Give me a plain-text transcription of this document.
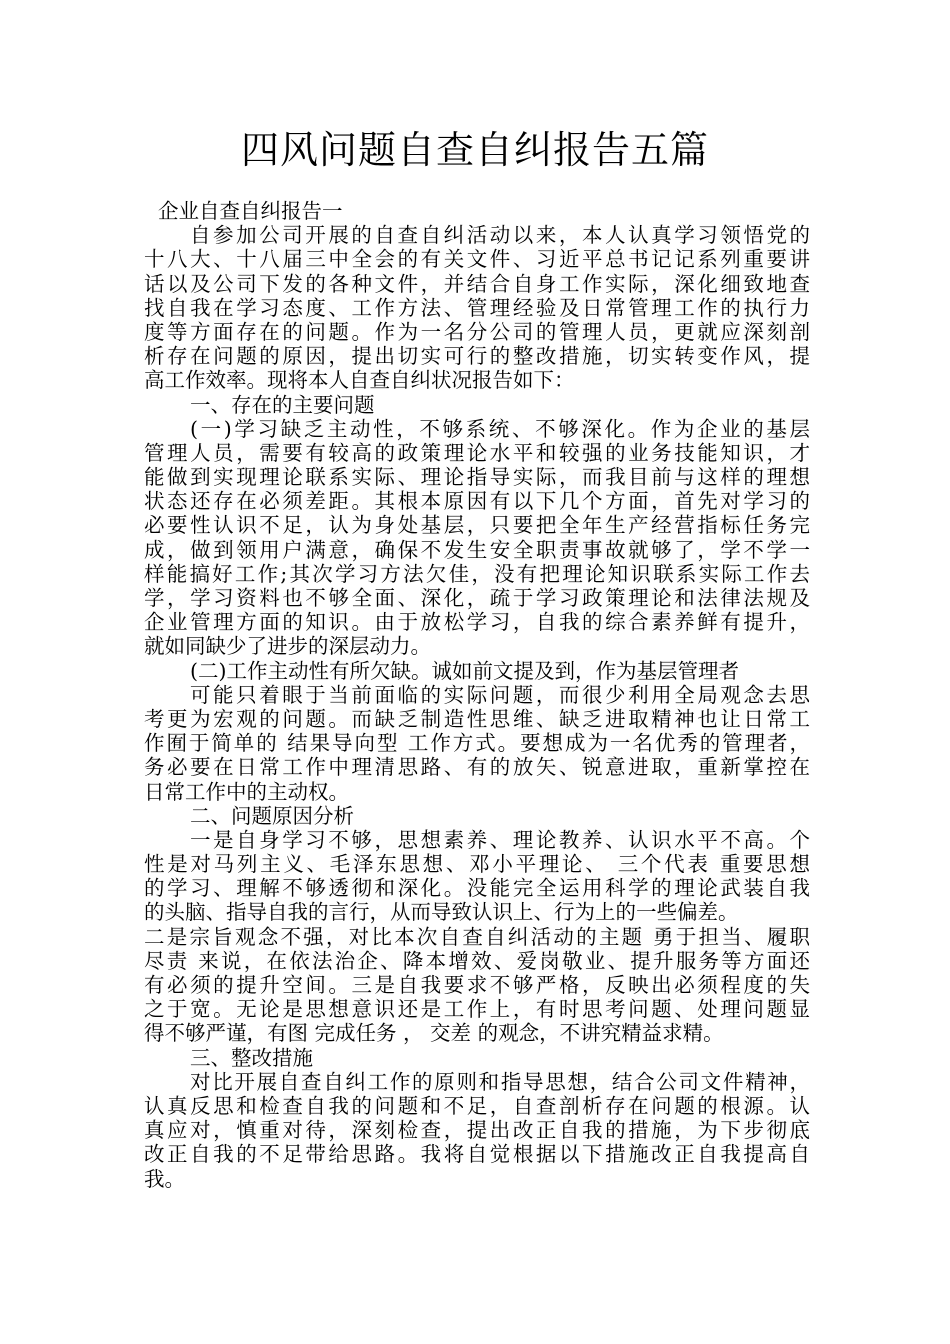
四风问题自查自纠报告五篇
企业自查自纠报告一
自参加公司开展的自查自纠活动以来，本人认真学习领悟党的
十八大、十八届三中全会的有关文件、习近平总书记记系列重要讲
话以及公司下发的各种文件，并结合自身工作实际，深化细致地查
找自我在学习态度、工作方法、管理经验及日常管理工作的执行力
度等方面存在的问题。作为一名分公司的管理人员，更就应深刻剖
析存在问题的原因，提出切实可行的整改措施，切实转变作风，提
高工作效率。现将本人自查自纠状况报告如下：
一、存在的主要问题
(一)学习缺乏主动性，不够系统、不够深化。作为企业的基层
管理人员，需要有较高的政策理论水平和较强的业务技能知识，才
能做到实现理论联系实际、理论指导实际，而我目前与这样的理想
状态还存在必须差距。其根本原因有以下几个方面，首先对学习的
必要性认识不足，认为身处基层，只要把全年生产经营指标任务完
成，做到领用户满意，确保不发生安全职责事故就够了，学不学一
样能搞好工作;其次学习方法欠佳，没有把理论知识联系实际工作去
学，学习资料也不够全面、深化，疏于学习政策理论和法律法规及
企业管理方面的知识。由于放松学习，自我的综合素养鲜有提升，
就如同缺少了进步的深层动力。
(二)工作主动性有所欠缺。诚如前文提及到，作为基层管理者
可能只着眼于当前面临的实际问题，而很少利用全局观念去思
考更为宏观的问题。而缺乏制造性思维、缺乏进取精神也让日常工
作囿于简单的 结果导向型 工作方式。要想成为一名优秀的管理者，
务必要在日常工作中理清思路、有的放矢、锐意进取，重新掌控在
日常工作中的主动权。
二、问题原因分析
一是自身学习不够，思想素养、理论教养、认识水平不高。个
性是对马列主义、毛泽东思想、邓小平理论、 三个代表 重要思想
的学习、理解不够透彻和深化。没能完全运用科学的理论武装自我
的头脑、指导自我的言行，从而导致认识上、行为上的一些偏差。
二是宗旨观念不强，对比本次自查自纠活动的主题 勇于担当、履职
尽责 来说，在依法治企、降本增效、爱岗敬业、提升服务等方面还
有必须的提升空间。三是自我要求不够严格，反映出必须程度的失
之于宽。无论是思想意识还是工作上，有时思考问题、处理问题显
得不够严谨，有图 完成任务 ， 交差 的观念，不讲究精益求精。
三、整改措施
对比开展自查自纠工作的原则和指导思想，结合公司文件精神，
认真反思和检查自我的问题和不足，自查剖析存在问题的根源。认
真应对，慎重对待，深刻检查，提出改正自我的措施，为下步彻底
改正自我的不足带给思路。我将自觉根据以下措施改正自我提高自
我。
